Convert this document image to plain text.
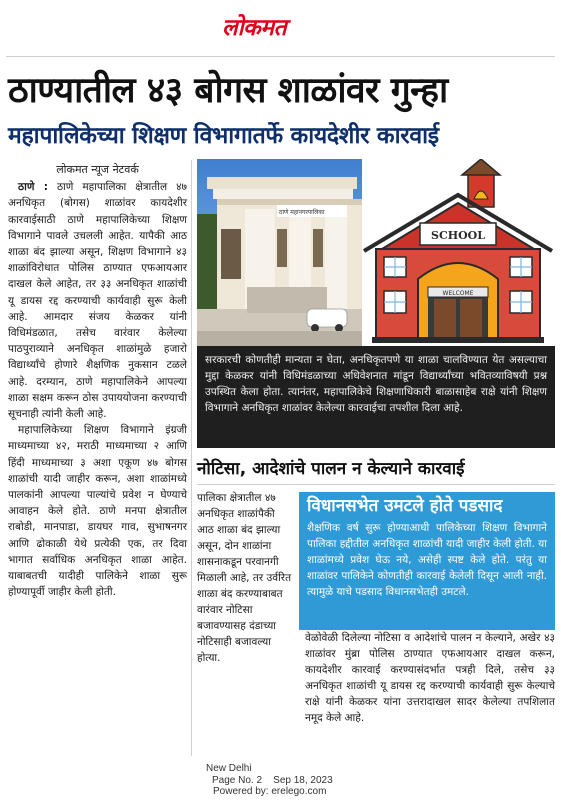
लोकमत
ठाण्यातील ४३ बोगस शाळांवर गुन्हा
महापालिकेच्या शिक्षण विभागातर्फे कायदेशीर कारवाई
लोकमत न्यूज नेटवर्क

ठाणे : ठाणे महापालिका क्षेत्रातील ४७ अनधिकृत (बोगस) शाळांवर कायदेशीर कारवाईसाठी ठाणे महापालिकेच्या शिक्षण विभागाने पावले उचलली आहेत. यापैकी आठ शाळा बंद झाल्या असून, शिक्षण विभागाने ४३ शाळांविरोधात पोलिस ठाण्यात एफआयआर दाखल केले आहेत, तर ३३ अनधिकृत शाळांची यू डायस रद्द करण्याची कार्यवाही सुरू केली आहे. आमदार संजय केळकर यांनी विधिमंडळात, तसेच वारंवार केलेल्या पाठपुराव्याने अनधिकृत शाळांमुळे हजारो विद्यार्थ्यांचे होणारे शैक्षणिक नुकसान टळले आहे. दरम्यान, ठाणे महापालिकेने आपल्या शाळा सक्षम करून ठोस उपाययोजना करण्याची सूचनाही त्यांनी केली आहे.

महापालिकेच्या शिक्षण विभागाने इंग्रजी माध्यमाच्या ४२, मराठी माध्यमाच्या २ आणि हिंदी माध्यमाच्या ३ अशा एकूण ४७ बोगस शाळांची यादी जाहीर करून, अशा शाळांमध्ये पालकांनी आपल्या पाल्यांचे प्रवेश न घेण्याचे आवाहन केले होते. ठाणे मनपा क्षेत्रातील राबोडी, मानपाडा, डायघर गाव, सुभाषनगर आणि ढोकाळी येथे प्रत्येकी एक, तर दिवा भागात सर्वाधिक अनधिकृत शाळा आहेत. याबाबतची यादीही पालिकेने शाळा सुरू होण्यापूर्वी जाहीर केली होती.

ठाणे महानगरपालिका
SCHOOL
WELCOME
सरकारची कोणतीही मान्यता न घेता, अनधिकृतपणे या शाळा चालविण्यात येत असल्याचा मुद्दा केळकर यांनी विधिमंडळाच्या अधिवेशनात मांडून विद्यार्थ्यांच्या भवितव्याविषयी प्रश्न उपस्थित केला होता. त्यानंतर, महापालिकेचे शिक्षणाधिकारी बाळासाहेब राक्षे यांनी शिक्षण विभागाने अनधिकृत शाळांवर केलेल्या कारवाईचा तपशील दिला आहे.
नोटिसा, आदेशांचे पालन न केल्याने कारवाई
पालिका क्षेत्रातील ४७ अनधिकृत शाळांपैकी आठ शाळा बंद झाल्या असून, दोन शाळांना शासनाकडून परवानगी मिळाली आहे, तर उर्वरित शाळा बंद करण्याबाबत वारंवार नोटिसा बजावण्यासह दंडाच्या नोटिसाही बजावल्या होत्या.
विधानसभेत उमटले होते पडसाद
शैक्षणिक वर्ष सुरू होण्याआधी पालिकेच्या शिक्षण विभागाने पालिका हद्दीतील अनधिकृत शाळांची यादी जाहीर केली होती. या शाळांमध्ये प्रवेश घेऊ नये, असेही स्पष्ट केले होते. परंतु या शाळांवर पालिकेने कोणतीही कारवाई केलेली दिसून आली नाही. त्यामुळे याचे पडसाद विधानसभेतही उमटले.
वेळोवेळी दिलेल्या नोटिसा व आदेशांचे पालन न केल्याने, अखेर ४३ शाळांवर मुंब्रा पोलिस ठाण्यात एफआयआर दाखल करून, कायदेशीर कारवाई करण्यासंदर्भात पत्रही दिले, तसेच ३३ अनधिकृत शाळांची यू डायस रद्द करण्याची कार्यवाही सुरू केल्याचे राक्षे यांनी केळकर यांना उत्तरादाखल सादर केलेल्या तपशिलात नमूद केले आहे.
New Delhi
Page No. 2    Sep 18, 2023
Powered by: erelego.com
